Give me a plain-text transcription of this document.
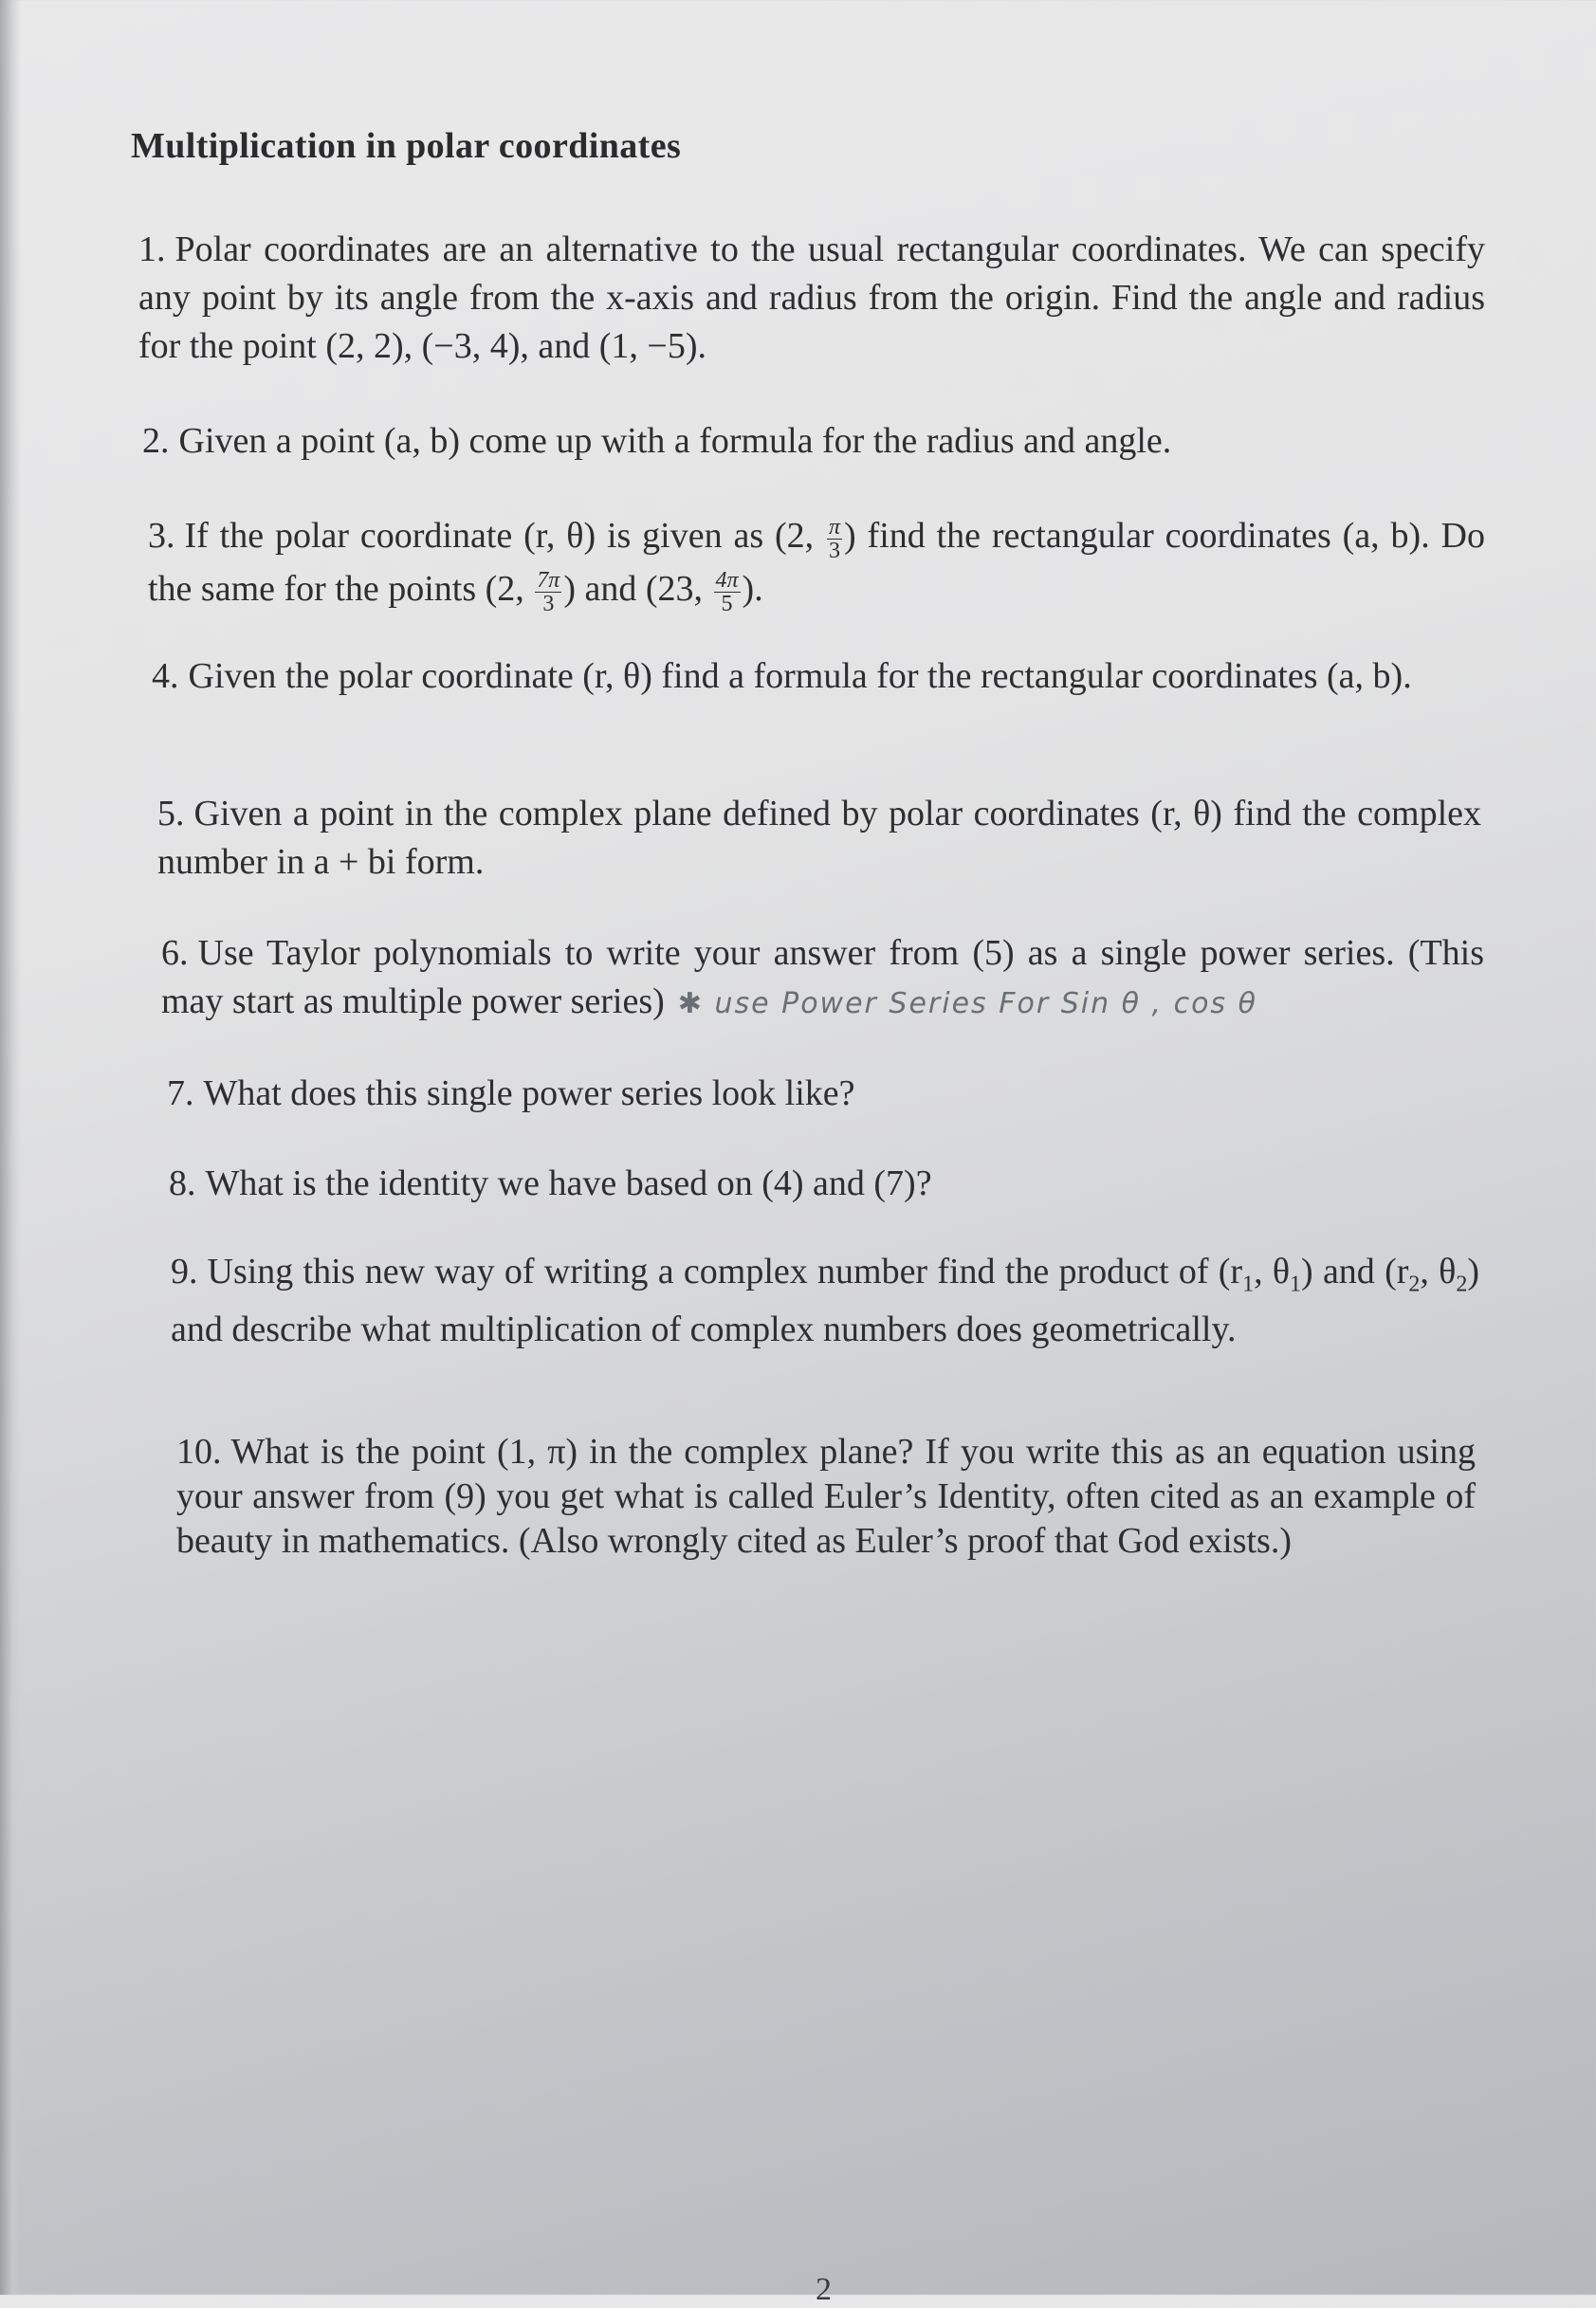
Multiplication in polar coordinates
1. Polar coordinates are an alternative to the usual rectangular coordinates. We can specify any point by its angle from the x-axis and radius from the origin. Find the angle and radius for the point (2, 2), (−3, 4), and (1, −5).
2. Given a point (a, b) come up with a formula for the radius and angle.
3. If the polar coordinate (r, θ) is given as (2, $\frac{\pi}{3}$ ) find the rectangular coordinates (a, b). Do the same for the points (2, $\frac{7\pi}{3}$ ) and (23, $\frac{4\pi}{5}$ ).
4. Given the polar coordinate (r, θ) find a formula for the rectangular coordinates (a, b).
5. Given a point in the complex plane defined by polar coordinates (r, θ) find the complex number in a + bi form.
6. Use Taylor polynomials to write your answer from (5) as a single power series. (This may start as multiple power series) ✱ use Power Series For Sin θ , cos θ
7. What does this single power series look like?
8. What is the identity we have based on (4) and (7)?
9. Using this new way of writing a complex number find the product of ($r_1$, $\theta_1$) and ($r_2$, $\theta_2$) and describe what multiplication of complex numbers does geometrically.
10. What is the point (1, π) in the complex plane? If you write this as an equation using your answer from (9) you get what is called Euler’s Identity, often cited as an example of beauty in mathematics. (Also wrongly cited as Euler’s proof that God exists.)
2
